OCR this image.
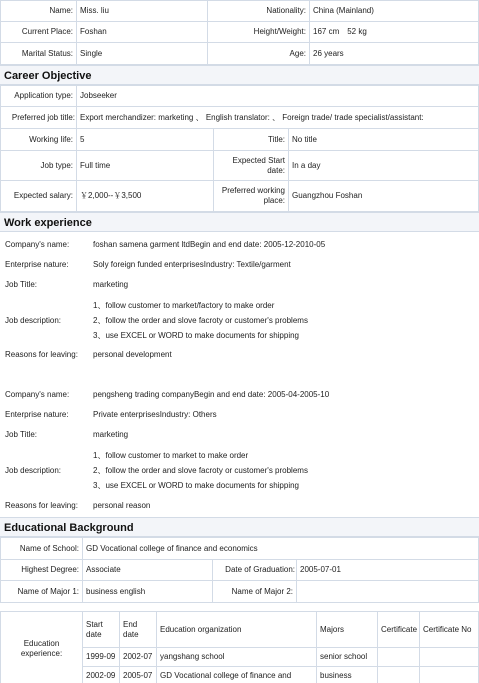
Name:	Miss. liu	Nationality:	China (Mainland)
Current Place:	Foshan	Height/Weight:	167 cm　52 kg
Marital Status:	Single	Age:	26 years
Career Objective
Application type:	Jobseeker		
Preferred job title:	Export merchandizer: marketing 、 English translator: 、 Foreign trade/ trade specialist/assistant:		
Working life:	5	Title:	No title
Job type:	Full time	Expected Start date:	In a day
Expected salary:	￥2,000--￥3,500	Preferred working place:	Guangzhou Foshan
Work experience
Company's name:	foshan samena garment ltdBegin and end date: 2005-12-2010-05
Enterprise nature:	Soly foreign funded enterprisesIndustry: Textile/garment
Job Title:	marketing
Job description:
1、follow customer to market/factory to make order
2、follow the order and slove facroty or customer's problems
3、use EXCEL or WORD to make documents for shipping
Reasons for leaving:	personal development
Company's name:	pengsheng trading companyBegin and end date: 2005-04-2005-10
Enterprise nature:	Private enterprisesIndustry: Others
Job Title:	marketing
Job description:
1、follow customer to market to make order
2、follow the order and slove facroty or customer's problems
3、use EXCEL or WORD to make documents for shipping
Reasons for leaving:	personal reason
Educational Background
Name of School:	GD Vocational college of finance and economics		
Highest Degree:	Associate	Date of Graduation:	2005-07-01
Name of Major 1:	business english	Name of Major 2:	
Education experience:	Start date	End date	Education organization	Majors	Certificate	Certificate No
	1999-09	2002-07	yangshang school	senior school		
	2002-09	2005-07	GD Vocational college of finance and	business		
